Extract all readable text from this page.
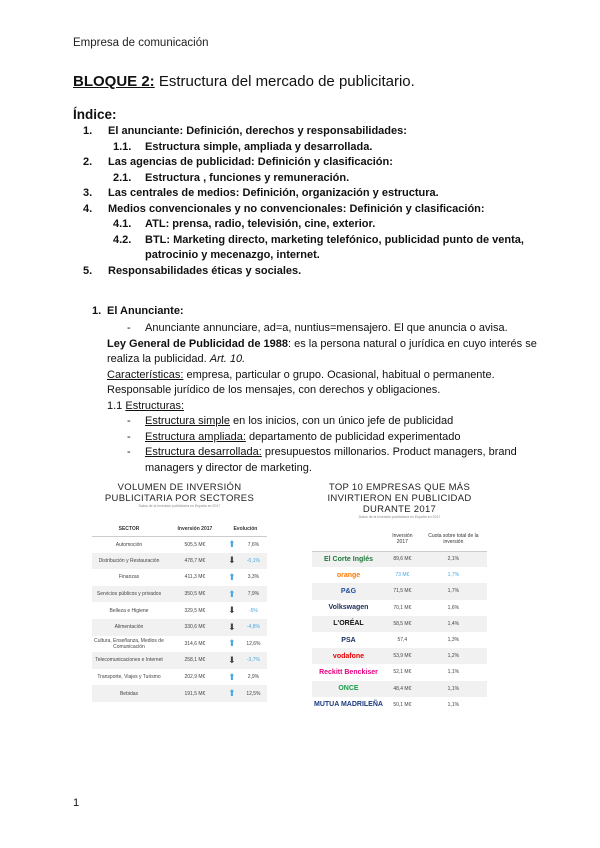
Empresa de comunicación
BLOQUE 2: Estructura del mercado de publicitario.
Índice:
1. El anunciante: Definición, derechos y responsabilidades:
1.1. Estructura simple, ampliada y desarrollada.
2. Las agencias de publicidad: Definición y clasificación:
2.1. Estructura , funciones y remuneración.
3. Las centrales de medios: Definición, organización y estructura.
4. Medios convencionales y no convencionales: Definición y clasificación:
4.1. ATL: prensa, radio, televisión, cine, exterior.
4.2. BTL: Marketing directo, marketing telefónico, publicidad punto de venta, patrocinio y mecenazgo, internet.
5. Responsabilidades éticas y sociales.
1. El Anunciante:
- Anunciante annunciare, ad=a, nuntius=mensajero. El que anuncia o avisa.
Ley General de Publicidad de 1988: es la persona natural o jurídica en cuyo interés se realiza la publicidad. Art. 10.
Características: empresa, particular o grupo. Ocasional, habitual o permanente.
Responsable jurídico de los mensajes, con derechos y obligaciones.
1.1 Estructuras:
- Estructura simple en los inicios, con un único jefe de publicidad
- Estructura ampliada: departamento de publicidad experimentado
- Estructura desarrollada: presupuestos millonarios. Product managers, brand managers y director de marketing.
VOLUMEN DE INVERSIÓN
PUBLICITARIA POR SECTORES
Datos de la inversión publicitaria en España en 2017
SECTOR	Inversión 2017	Evolución	
Automoción	505,5 M€	⬆	7,6%
Distribución y Restauración	478,7 M€	⬇	-0,1%
Finanzas	411,3 M€	⬆	3,3%
Servicios públicos y privados	350,5 M€	⬆	7,9%
Belleza e Higiene	329,5 M€	⬇	-5%
Alimentación	330,6 M€	⬇	-4,8%
Cultura, Enseñanza, Medios de Comunicación	314,6 M€	⬆	12,6%
Telecomunicaciones e Internet	258,1 M€	⬇	-3,7%
Transporte, Viajes y Turismo	202,9 M€	⬆	2,9%
Bebidas	191,5 M€	⬆	12,5%
TOP 10 EMPRESAS QUE MÁS
INVIRTIERON EN PUBLICIDAD
DURANTE 2017
Datos de la inversión publicitaria en España en 2017
	Inversión 2017	Cuota sobre total de la inversión
El Corte Inglés	89,6 M€	2,1%
orange	73 M€	1,7%
P&G	71,5 M€	1,7%
Volkswagen	70,1 M€	1,6%
L'ORÉAL	58,5 M€	1,4%
PSA	57,4	1,3%
vodafone	53,9 M€	1,2%
Reckitt Benckiser	52,1 M€	1,1%
ONCE	48,4 M€	1,1%
MUTUA MADRILEÑA	50,1 M€	1,1%
1
